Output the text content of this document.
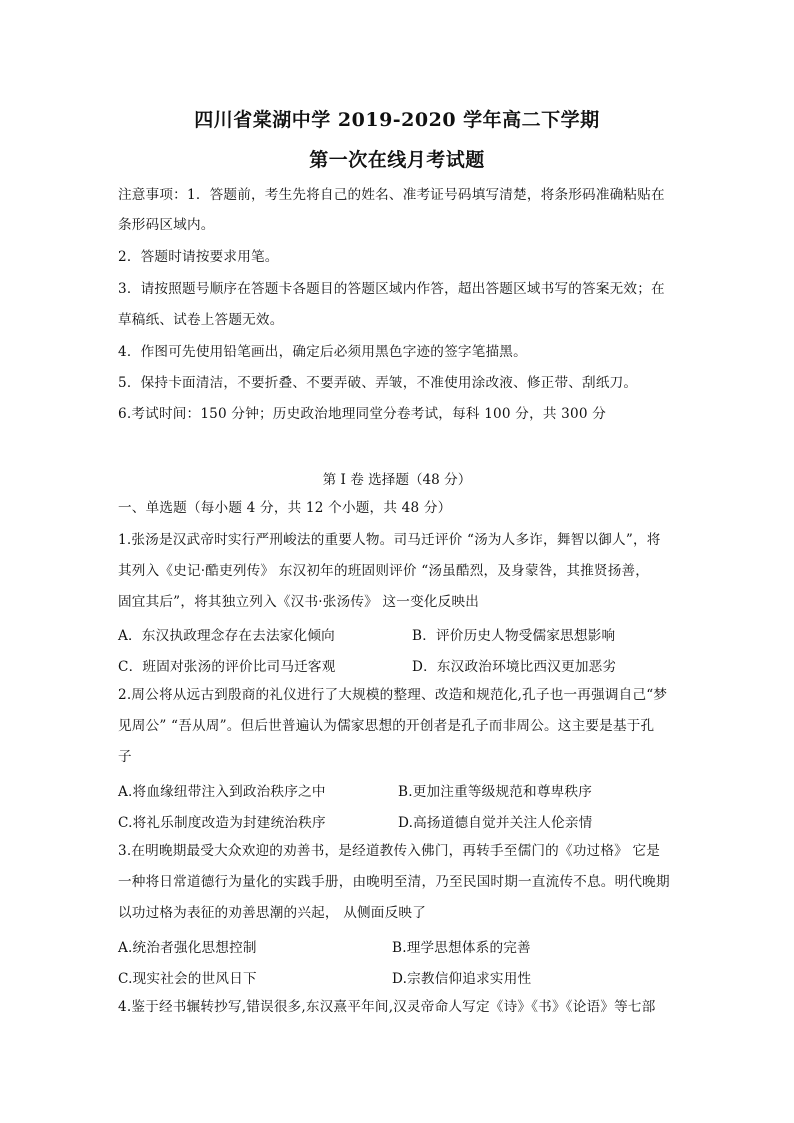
四川省棠湖中学 2019-2020 学年高二下学期
第一次在线月考试题
注意事项：1．答题前，考生先将自己的姓名、准考证号码填写清楚，将条形码准确粘贴在
条形码区域内。
2．答题时请按要求用笔。
3．请按照题号顺序在答题卡各题目的答题区域内作答，超出答题区域书写的答案无效；在
草稿纸、试卷上答题无效。
4．作图可先使用铅笔画出，确定后必须用黑色字迹的签字笔描黑。
5．保持卡面清洁，不要折叠、不要弄破、弄皱，不准使用涂改液、修正带、刮纸刀。
6.考试时间：150 分钟；历史政治地理同堂分卷考试，每科 100 分，共 300 分
第 I 卷 选择题（48 分）
一、单选题（每小题 4 分，共 12 个小题，共 48 分）
1.张汤是汉武帝时实行严刑峻法的重要人物。司马迁评价 “汤为人多诈，舞智以御人”，将
其列入《史记·酷吏列传》 东汉初年的班固则评价 “汤虽酷烈，及身蒙咎，其推贤扬善，
固宜其后”，将其独立列入《汉书·张汤传》 这一变化反映出
A．东汉执政理念存在去法家化倾向	B．评价历史人物受儒家思想影响
C．班固对张汤的评价比司马迁客观	D．东汉政治环境比西汉更加恶劣
2.周公将从远古到殷商的礼仪进行了大规模的整理、改造和规范化,孔子也一再强调自己“梦
见周公” “吾从周”。但后世普遍认为儒家思想的开创者是孔子而非周公。这主要是基于孔
子
A.将血缘纽带注入到政治秩序之中	B.更加注重等级规范和尊卑秩序
C.将礼乐制度改造为封建统治秩序	D.高扬道德自觉并关注人伦亲情
3.在明晚期最受大众欢迎的劝善书，是经道教传入佛门，再转手至儒门的《功过格》 它是
一种将日常道德行为量化的实践手册，由晚明至清，乃至民国时期一直流传不息。明代晚期
以功过格为表征的劝善思潮的兴起， 从侧面反映了
A.统治者强化思想控制	B.理学思想体系的完善
C.现实社会的世风日下	D.宗教信仰追求实用性
4.鉴于经书辗转抄写,错误很多,东汉熹平年间,汉灵帝命人写定《诗》《书》《论语》等七部
